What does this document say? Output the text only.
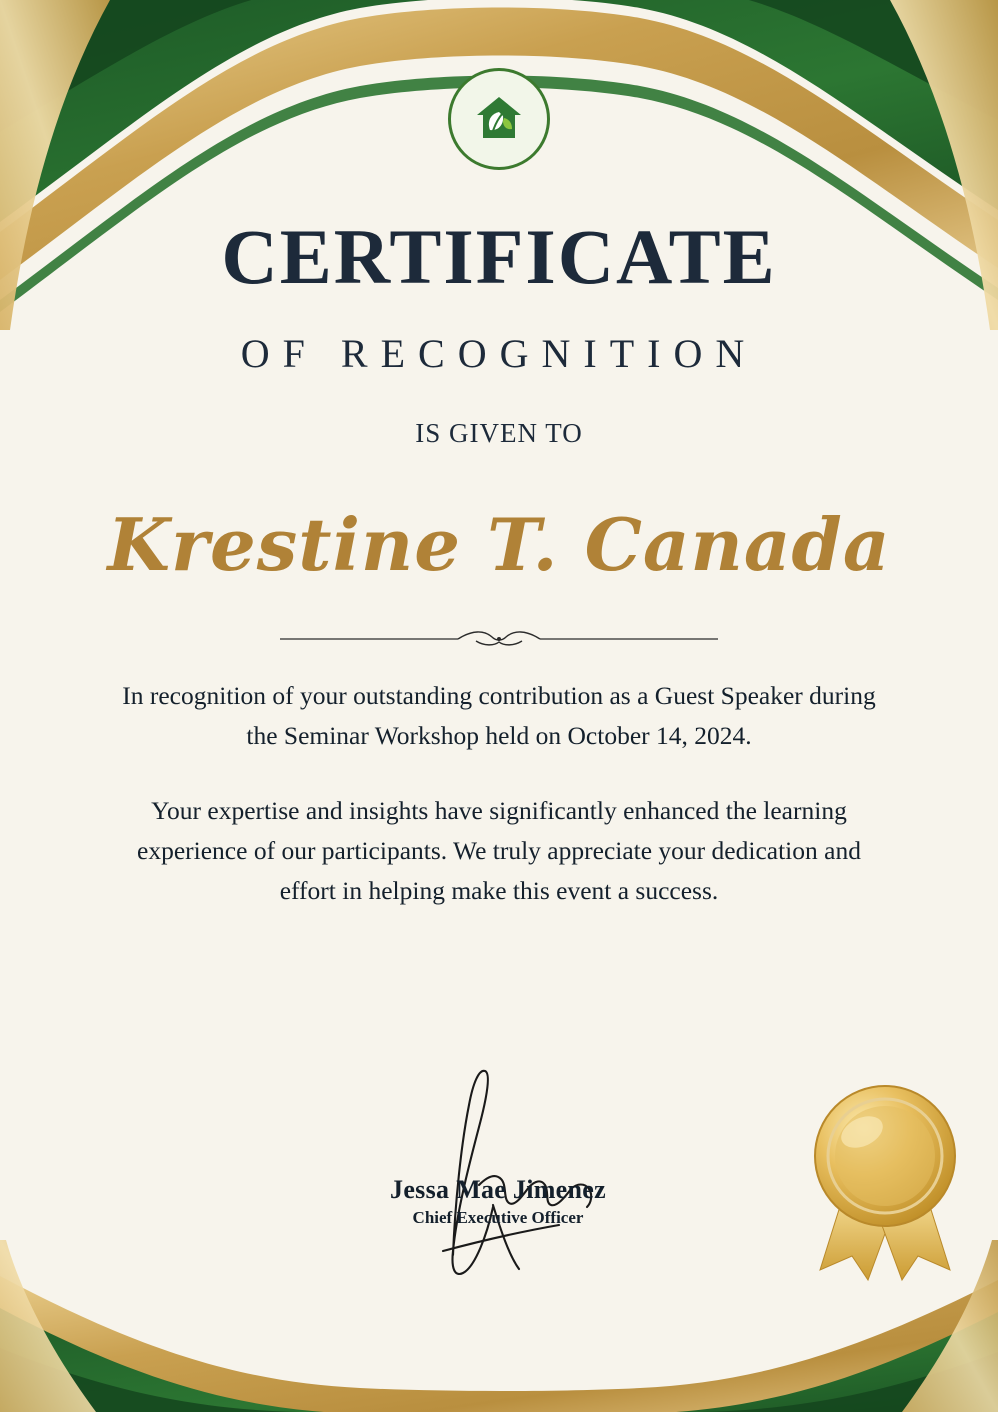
CERTIFICATE
OF RECOGNITION
IS GIVEN TO
Krestine T. Canada

In recognition of your outstanding contribution as a Guest Speaker during the Seminar Workshop held on October 14, 2024.

Your expertise and insights have significantly enhanced the learning experience of our participants. We truly appreciate your dedication and effort in helping make this event a success.

Jessa Mae Jimenez
Chief Executive Officer
